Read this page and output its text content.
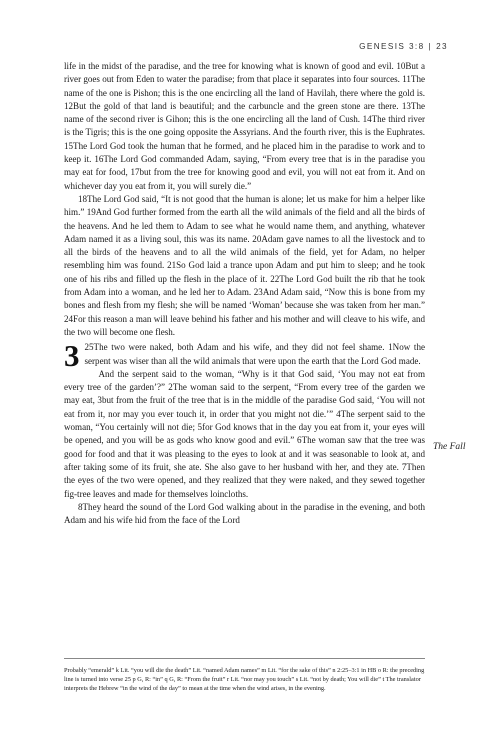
GENESIS 3:8 | 23

life in the midst of the paradise, and the tree for knowing what is known of good and evil. 10But a river goes out from Eden to water the paradise; from that place it separates into four sources. 11The name of the one is Pishon; this is the one encircling all the land of Havilah, there where the gold is. 12But the gold of that land is beautiful; and the carbuncle and the green stone are there. 13The name of the second river is Gihon; this is the one encircling all the land of Cush. 14The third river is the Tigris; this is the one going opposite the Assyrians. And the fourth river, this is the Euphrates. 15The Lord God took the human that he formed, and he placed him in the paradise to work and to keep it. 16The Lord God commanded Adam, saying, “From every tree that is in the paradise you may eat for food, 17but from the tree for knowing good and evil, you will not eat from it. And on whichever day you eat from it, you will surely die.”

18The Lord God said, “It is not good that the human is alone; let us make for him a helper like him.” 19And God further formed from the earth all the wild animals of the field and all the birds of the heavens. And he led them to Adam to see what he would name them, and anything, whatever Adam named it as a living soul, this was its name. 20Adam gave names to all the livestock and to all the birds of the heavens and to all the wild animals of the field, yet for Adam, no helper resembling him was found. 21So God laid a trance upon Adam and put him to sleep; and he took one of his ribs and filled up the flesh in the place of it. 22The Lord God built the rib that he took from Adam into a woman, and he led her to Adam. 23And Adam said, “Now this is bone from my bones and flesh from my flesh; she will be named ‘Woman’ because she was taken from her man.” 24For this reason a man will leave behind his father and his mother and will cleave to his wife, and the two will become one flesh.

3 25The two were naked, both Adam and his wife, and they did not feel shame. 1Now the serpent was wiser than all the wild animals that were upon the earth that the Lord God made.

And the serpent said to the woman, “Why is it that God said, ‘You may not eat from every tree of the garden’?” 2The woman said to the serpent, “From every tree of the garden we may eat, 3but from the fruit of the tree that is in the middle of the paradise God said, ‘You will not eat from it, nor may you ever touch it, in order that you might not die.’” 4The serpent said to the woman, “You certainly will not die; 5for God knows that in the day you eat from it, your eyes will be opened, and you will be as gods who know good and evil.” 6The woman saw that the tree was good for food and that it was pleasing to the eyes to look at and it was seasonable to look at, and after taking some of its fruit, she ate. She also gave to her husband with her, and they ate. 7Then the eyes of the two were opened, and they realized that they were naked, and they sewed together fig-tree leaves and made for themselves loincloths.

8They heard the sound of the Lord God walking about in the paradise in the evening, and both Adam and his wife hid from the face of the Lord

The Fall
Probably “emerald” k Lit. “you will die the death” Lit. “named Adam names” m Lit. “for the sake of this” n 2:25–3:1 in HB o R: the preceding line is turned into verse 25 p G, R: “in” q G, R: “From the fruit” r Lit. “nor may you touch” s Lit. “not by death; You will die” t The translator interprets the Hebrew “in the wind of the day” to mean at the time when the wind arises, in the evening.
